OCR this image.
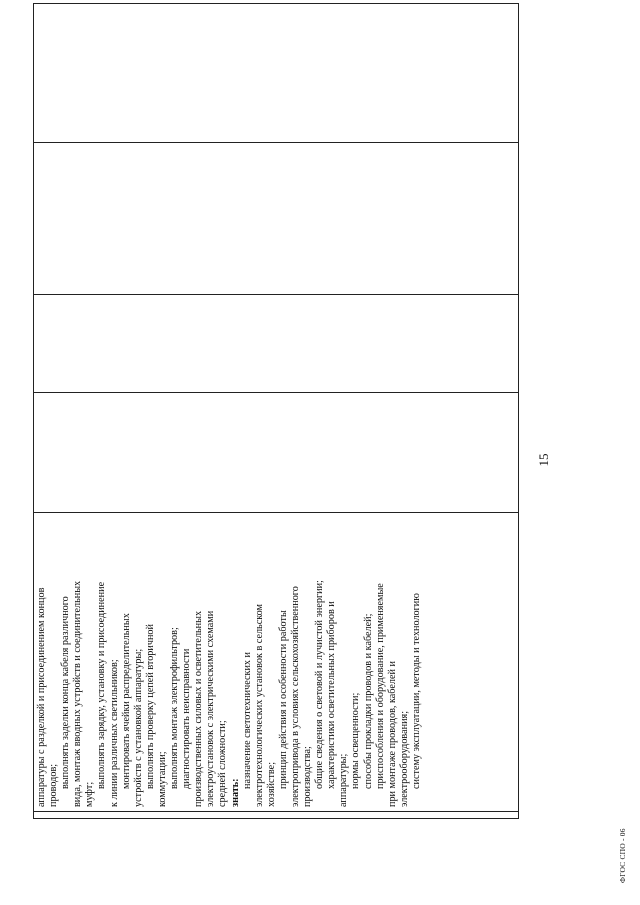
15

аппаратуры с разделкой и присоединением концов проводов; выполнять заделки конца кабеля различного вида, монтаж вводных устройств и соединительных муфт;
выполнять зарядку, установку и присоединение к линии различных светильников; монтировать ячейки распределительных устройств с установкой аппаратуры; выполнять проверку цепей вторичной коммутации; выполнять монтаж электрофильтров; диагностировать неисправности производственных силовых и осветительных электроустановок с электрическими схемами средней сложности; знать:
назначение светотехнических и электротехнологических установок в сельском хозяйстве; принцип действия и особенности работы электропривода в условиях сельскохозяйственного производства; общие сведения о световой и лучистой энергии; характеристики осветительных приборов и аппаратуры; нормы освещенности; способы прокладки проводов и кабелей; приспособления и оборудование, применяемые при монтаже проводов, кабелей и электрооборудования; систему эксплуатации, методы и технологию

ФГОС СПО - 06
